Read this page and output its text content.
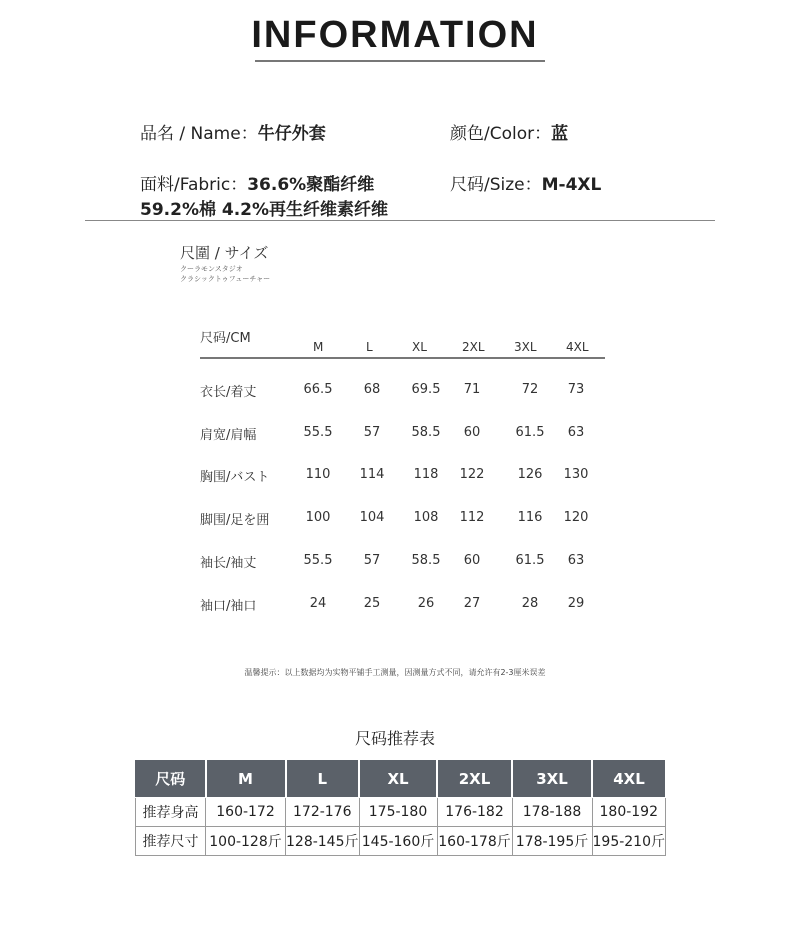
INFORMATION
品名 / Name：牛仔外套	颜色/Color：蓝
面料/Fabric：36.6%聚酯纤维
59.2%棉 4.2%再生纤维素纤维
尺码/Size：M-4XL
尺圍 / サイズ
クーラモンスタジオ
クラシックトゥフューチャー
尺码/CM
M	L	XL	2XL 3XL 4XL
衣长/着丈	66.5	68	69.5	71	72	73
肩宽/肩幅	55.5	57	58.5	60	61.5	63
胸围/バスト	110	114	118	122	126	130
脚围/足を囲	100	104	108	112	116	120
袖长/袖丈	55.5	57	58.5	60	61.5	63
袖口/袖口	24	25	26	27	28	29
温馨提示：以上数据均为实物平铺手工测量，因测量方式不同，请允许有2-3厘米误差
尺码推荐表
尺码	M	L	XL	2XL	3XL	4XL
推荐身高	160-172	172-176	175-180	176-182	178-188	180-192
推荐尺寸	100-128斤	128-145斤	145-160斤	160-178斤	178-195斤	195-210斤
